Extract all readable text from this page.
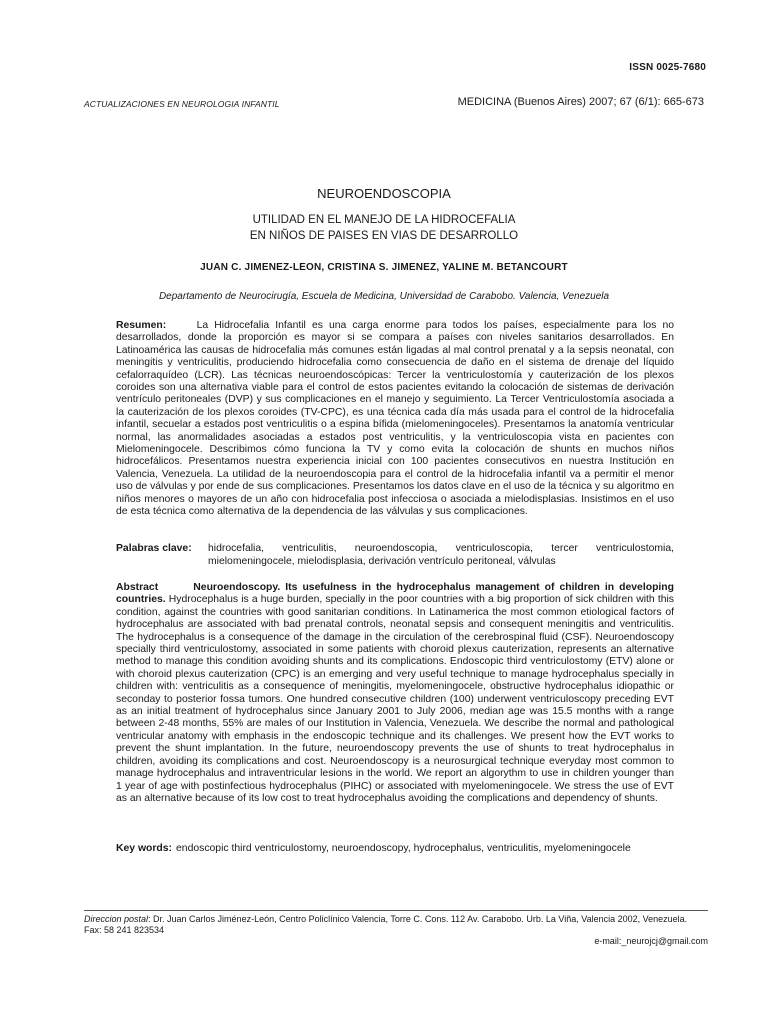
ISSN 0025-7680
ACTUALIZACIONES EN NEUROLOGIA INFANTIL	MEDICINA (Buenos Aires) 2007; 67 (6/1): 665-673
NEUROENDOSCOPIA
UTILIDAD EN EL MANEJO DE LA HIDROCEFALIA
EN NIÑOS DE PAISES EN VIAS DE DESARROLLO
JUAN C. JIMENEZ-LEON, CRISTINA S. JIMENEZ, YALINE M. BETANCOURT
Departamento de Neurocirugía, Escuela de Medicina, Universidad de Carabobo. Valencia, Venezuela
Resumen:	La Hidrocefalia Infantil es una carga enorme para todos los países, especialmente para los no desarrollados, donde la proporción es mayor si se compara a países con niveles sanitarios desarrollados. En Latinoamérica las causas de hidrocefalia más comunes están ligadas al mal control prenatal y a la sepsis neonatal, con meningitis y ventriculitis, produciendo hidrocefalia como consecuencia de daño en el sistema de drenaje del líquido cefalorraquídeo (LCR). Las técnicas neuroendoscópicas: Tercer la ventriculostomía y cauterización de los plexos coroides son una alternativa viable para el control de estos pacientes evitando la colocación de sistemas de derivación ventrículo peritoneales (DVP) y sus complicaciones en el manejo y seguimiento. La Tercer Ventriculostomía asociada a la cauterización de los plexos coroides (TV-CPC), es una técnica cada día más usada para el control de la hidrocefalia infantil, secuelar a estados post ventriculitis o a espina bífida (mielomeningoceles). Presentamos la anatomía ventricular normal, las anormalidades asociadas a estados post ventriculitis, y la ventriculoscopia vista en pacientes con Mielomeningocele. Describimos cómo funciona la TV y como evita la colocación de shunts en muchos niños hidrocefálicos. Presentamos nuestra experiencia inicial con 100 pacientes consecutivos en nuestra Institución en Valencia, Venezuela. La utilidad de la neuroendoscopia para el control de la hidrocefalia infantil va a permitir el menor uso de válvulas y por ende de sus complicaciones. Presentamos los datos clave en el uso de la técnica y su algoritmo en niños menores o mayores de un año con hidrocefalia post infecciosa o asociada a mielodisplasias. Insistimos en el uso de esta técnica como alternativa de la dependencia de las válvulas y sus complicaciones.
Palabras clave:	hidrocefalia, ventriculitis, neuroendoscopia, ventriculoscopia, tercer ventriculostomia, mielomeningocele, mielodisplasia, derivación ventrículo peritoneal, válvulas
Abstract	Neuroendoscopy. Its usefulness in the hydrocephalus management of children in developing countries. Hydrocephalus is a huge burden, specially in the poor countries with a big proportion of sick children with this condition, against the countries with good sanitarian conditions. In Latinamerica the most common etiological factors of hydrocephalus are associated with bad prenatal controls, neonatal sepsis and consequent meningitis and ventriculitis. The hydrocephalus is a consequence of the damage in the circulation of the cerebrospinal fluid (CSF). Neuroendoscopy specially third ventriculostomy, associated in some patients with choroid plexus cauterization, represents an alternative method to manage this condition avoiding shunts and its complications. Endoscopic third ventriculostomy (ETV) alone or with choroid plexus cauterization (CPC) is an emerging and very useful technique to manage hydrocephalus specially in children with: ventriculitis as a consequence of meningitis, myelomeningocele, obstructive hydrocephalus idiopathic or seconday to posterior fossa tumors. One hundred consecutive children (100) underwent ventriculoscopy preceding EVT as an initial treatment of hydrocephalus since January 2001 to July 2006, median age was 15.5 months with a range between 2-48 months, 55% are males of our Institution in Valencia, Venezuela. We describe the normal and pathological ventricular anatomy with emphasis in the endoscopic technique and its challenges. We present how the EVT works to prevent the shunt implantation. In the future, neuroendoscopy prevents the use of shunts to treat hydrocephalus in children, avoiding its complications and cost. Neuroendoscopy is a neurosurgical technique everyday most common to manage hydrocephalus and intraventricular lesions in the world. We report an algorythm to use in children younger than 1 year of age with postinfectious hydrocephalus (PIHC) or associated with myelomeningocele. We stress the use of EVT as an alternative because of its low cost to treat hydrocephalus avoiding the complications and dependency of shunts.
Key words: endoscopic third ventriculostomy, neuroendoscopy, hydrocephalus, ventriculitis, myelomeningocele
Direccion postal: Dr. Juan Carlos Jiménez-León, Centro Policlínico Valencia, Torre C. Cons. 112 Av. Carabobo. Urb. La Viña, Valencia 2002, Venezuela.
Fax: 58 241 823534
e-mail:_neurojcj@gmail.com
